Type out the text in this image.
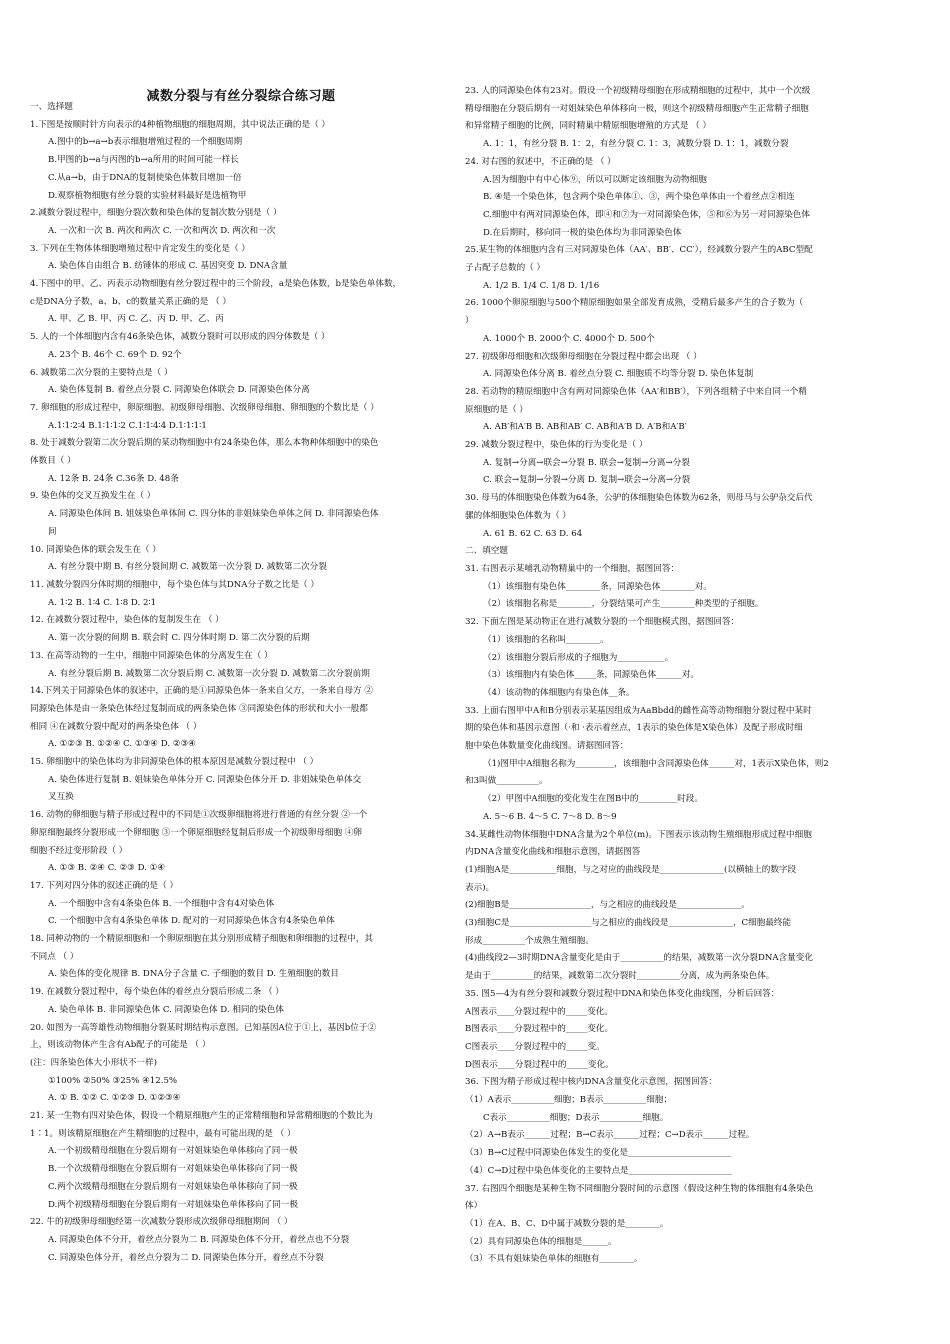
减数分裂与有丝分裂综合练习题
一、选择题
1.下图是按顺时针方向表示的4种植物细胞的细胞周期，其中说法正确的是（ ）
A.图中的b→a→b表示细胞增殖过程的一个细胞周期
B.甲图的b→a与丙图的b→a所用的时间可能一样长
C.从a→b，由于DNA的复制使染色体数目增加一倍
D.观察植物细胞有丝分裂的实验材料最好是选植物甲
2.减数分裂过程中，细胞分裂次数和染色体的复制次数分别是（ ）
A. 一次和一次 B. 两次和两次 C. 一次和两次 D. 两次和一次
3. 下列在生物体体细胞增殖过程中肯定发生的变化是（ ）
A. 染色体自由组合 B. 纺锤体的形成 C. 基因突变 D. DNA含量
4.下图中的甲、乙、丙表示动物细胞有丝分裂过程中的三个阶段，a是染色体数，b是染色单体数，
c是DNA分子数，a、b、c的数量关系正确的是 （ ）
A. 甲、乙 B. 甲、丙 C. 乙、丙 D. 甲、乙、丙
5. 人的一个体细胞内含有46条染色体，减数分裂时可以形成的四分体数是（ ）
A. 23个 B. 46个 C. 69个 D. 92个
6. 减数第二次分裂的主要特点是（ ）
A. 染色体复制 B. 着丝点分裂 C. 同源染色体联会 D. 同源染色体分离
7. 卵细胞的形成过程中，卵原细胞、初级卵母细胞、次级卵母细胞、卵细胞的个数比是（ ）
A.1∶1∶2∶4 B.1∶1∶1∶2 C.1∶1∶4∶4 D.1∶1∶1∶1
8. 处于减数分裂第二次分裂后期的某动物细胞中有24条染色体，那么本物种体细胞中的染色
体数目（ ）
A. 12条 B. 24条 C.36条 D. 48条
9. 染色体的交叉互换发生在（ ）
A. 同源染色体间 B. 姐妹染色单体间 C. 四分体的非姐妹染色单体之间 D. 非同源染色体
间
10. 同源染色体的联会发生在（ ）
A. 有丝分裂中期 B. 有丝分裂间期 C. 减数第一次分裂 D. 减数第二次分裂
11. 减数分裂四分体时期的细胞中，每个染色体与其DNA分子数之比是（ ）
A. 1∶2 B. 1∶4 C. 1∶8 D. 2∶1
12. 在减数分裂过程中，染色体的复制发生在 （ ）
A. 第一次分裂的间期 B. 联会时 C. 四分体时期 D. 第二次分裂的后期
13. 在高等动物的一生中，细胞中同源染色体的分离发生在（ ）
A. 有丝分裂后期 B. 减数第二次分裂后期 C. 减数第一次分裂 D. 减数第二次分裂前期
14.下列关于同源染色体的叙述中，正确的是①同源染色体一条来自父方，一条来自母方 ②
同源染色体是由一条染色体经过复制而成的两条染色体 ③同源染色体的形状和大小一般都
相同 ④在减数分裂中配对的两条染色体 （ ）
A. ①②③ B. ①②④ C. ①③④ D. ②③④
15. 卵细胞中的染色体均为非同源染色体的根本原因是减数分裂过程中 （ ）
A. 染色体进行复制 B. 姐妹染色单体分开 C. 同源染色体分开 D. 非姐妹染色单体交
叉互换
16. 动物的卵细胞与精子形成过程中的不同是①次级卵细胞将进行普通的有丝分裂 ②一个
卵原细胞最终分裂形成一个卵细胞 ③一个卵原细胞经复制后形成一个初级卵母细胞 ④卵
细胞不经过变形阶段（ ）
A. ①③ B. ②④ C. ②③ D. ①④
17. 下列对四分体的叙述正确的是（ ）
A. 一个细胞中含有4条染色体 B. 一个细胞中含有4对染色体
C. 一个细胞中含有4条染色单体 D. 配对的一对同源染色体含有4条染色单体
18. 同种动物的一个精原细胞和一个卵原细胞在其分别形成精子细胞和卵细胞的过程中，其
不同点 （ ）
A. 染色体的变化规律 B. DNA分子含量 C. 子细胞的数目 D. 生殖细胞的数目
19. 在减数分裂过程中，每个染色体的着丝点分裂后形成二条 （ ）
A. 染色单体 B. 非同源染色体 C. 同源染色体 D. 相同的染色体
20. 如图为一高等雄性动物细胞分裂某时期结构示意图。已知基因A位于①上，基因b位于②
上，则该动物体产生含有Ab配子的可能是 （ ）
(注：四条染色体大小形状不一样)
①100% ②50% ③25% ④12.5%
A. ① B. ①② C. ①②③ D. ①②③④
21. 某一生物有四对染色体，假设一个精原细胞产生的正常精细胞和异常精细胞的个数比为
1∶1。则该精原细胞在产生精细胞的过程中，最有可能出现的是 （ ）
A.一个初级精母细胞在分裂后期有一对姐妹染色单体移向了同一极
B.一个次级精母细胞在分裂后期有一对姐妹染色单体移向了同一极
C.两个次级精母细胞在分裂后期有一对姐妹染色单体移向了同一极
D.两个初级精母细胞在分裂后期有一对姐妹染色单体移向了同一极
22. 牛的初级卵母细胞经第一次减数分裂形成次级卵母细胞期间 （ ）
A. 同源染色体不分开，着丝点分裂为二 B. 同源染色体不分开，着丝点也不分裂
C. 同源染色体分开，着丝点分裂为二 D. 同源染色体分开，着丝点不分裂
23. 人的同源染色体有23对。假设一个初级精母细胞在形成精细胞的过程中，其中一个次级
精母细胞在分裂后期有一对姐妹染色单体移向一极，则这个初级精母细胞产生正常精子细胞
和异常精子细胞的比例，同时精巢中精原细胞增殖的方式是 （ ）
A. 1：1，有丝分裂 B. 1：2，有丝分裂 C. 1：3，减数分裂 D. 1：1，减数分裂
24. 对右图的叙述中，不正确的是 （ ）
A.因为细胞中有中心体⑨，所以可以断定该细胞为动物细胞
B. ④是一个染色体，包含两个染色单体①、③，两个染色单体由一个着丝点②相连
C.细胞中有两对同源染色体，即④和⑦为一对同源染色体，⑤和⑥为另一对同源染色体
D.在后期时，移向同一极的染色体均为非同源染色体
25.某生物的体细胞内含有三对同源染色体（AA′、BB′、CC′），经减数分裂产生的ABC型配
子占配子总数的（ ）
A. 1/2 B. 1/4 C. 1/8 D. 1/16
26. 1000个卵原细胞与500个精原细胞如果全部发育成熟，受精后最多产生的合子数为（
）
A. 1000个 B. 2000个 C. 4000个 D. 500个
27. 初级卵母细胞和次级卵母细胞在分裂过程中都会出现 （ ）
A. 同源染色体分离 B. 着丝点分裂 C. 细胞质不均等分裂 D. 染色体复制
28. 若动物的精原细胞中含有两对同源染色体（AA′和BB′），下列各组精子中来自同一个精
原细胞的是（ ）
A. AB′和A′B B. AB和AB′ C. AB和A′B D. A′B和A′B′
29. 减数分裂过程中，染色体的行为变化是（ ）
A. 复制→分离→联会→分裂 B. 联会→复制→分离→分裂
C. 联会→复制→分裂→分离 D. 复制→联会→分离→分裂
30. 母马的体细胞染色体数为64条，公驴的体细胞染色体数为62条，则母马与公驴杂交后代
骡的体细胞染色体数为（ ）
A. 61 B. 62 C. 63 D. 64
二、填空题
31. 右图表示某哺乳动物精巢中的一个细胞，据图回答：
（1）该细胞有染色体________条，同源染色体________对。
（2）该细胞名称是________，分裂结果可产生________种类型的子细胞。
32. 下面左图是某动物正在进行减数分裂的一个细胞模式图，据图回答：
（1）该细胞的名称叫________。
（2）该细胞分裂后形成的子细胞为___________。
（3）该细胞内有染色体_____条，同源染色体______对。
（4）该动物的体细胞内有染色体__条。
33. 上面右图甲中A和B分别表示某基因组成为AaBbdd的雌性高等动物细胞分裂过程中某时
期的染色体和基因示意图（·和 ·表示着丝点，1表示的染色体是X染色体）及配子形成时细
胞中染色体数量变化曲线图。请据图回答：
（1)图甲中A细胞名称为_________，该细胞中含同源染色体______对，1表示X染色体，则2
和3叫做__________。
（2）甲图中A细胞的变化发生在图B中的_________时段。
A. 5～6 B. 4～5 C. 7～8 D. 8～9
34.某雌性动物体细胞中DNA含量为2个单位(m)。下图表示该动物生殖细胞形成过程中细胞
内DNA含量变化曲线和细胞示意图，请据图答
(1)细胞A是___________细胞，与之对应的曲线段是_______________(以横轴上的数字段
表示)。
(2)细胞B是___________________，与之相应的曲线段是_______________。
(3)细胞C是___________________与之相应的曲线段是_______________，C细胞最终能
形成__________个成熟生殖细胞。
(4)曲线段2—3时期DNA含量变化是由于__________的结果，减数第一次分裂DNA含量变化
是由于__________的结果，减数第二次分裂时__________分离，成为两条染色体。
35. 图5—4为有丝分裂和减数分裂过程中DNA和染色体变化曲线图，分析后回答：
A图表示____分裂过程中的_____变化。
B图表示____分裂过程中的_____变化。
C图表示____分裂过程中的_____变。
D图表示____分裂过程中的_____变化。
36. 下图为精子形成过程中核内DNA含量变化示意图，据图回答：
（1）A表示__________细胞；B表示__________细胞；
C表示__________细胞；D表示__________细胞。
（2）A→B表示______过程；B→C表示______过程；C→D表示______过程。
（3）B→C过程中同源染色体发生的变化是________________________
（4）C→D过程中染色体变化的主要特点是________________________
37. 右图四个细胞是某种生物不同细胞分裂时间的示意图（假设这种生物的体细胞有4条染色
体）
（1）在A、B、C、D中属于减数分裂的是________。
（2）具有同源染色体的细胞是______。
（3）不具有姐妹染色单体的细胞有________。
